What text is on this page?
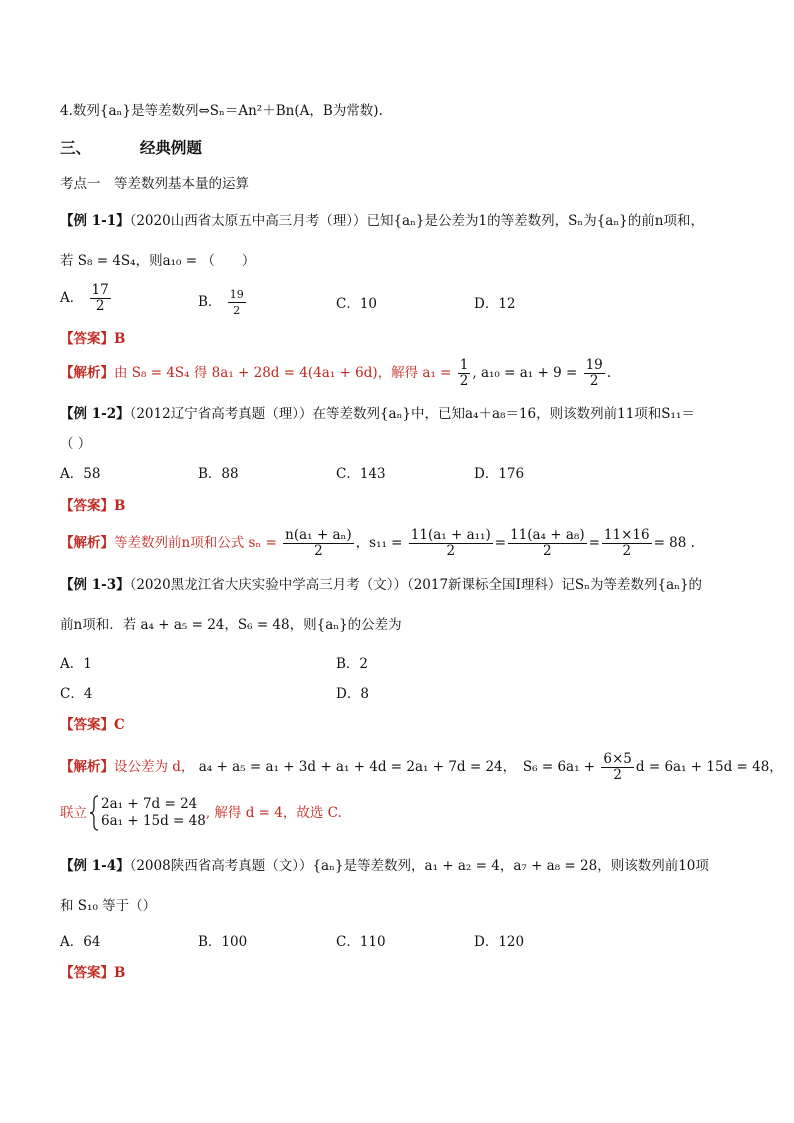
4.数列{aₙ}是等差数列⇔Sₙ＝An²＋Bn(A，B为常数).
三、	经典例题
考点一　等差数列基本量的运算
【例 1-1】（2020山西省太原五中高三月考（理））已知{aₙ}是公差为1的等差数列，Sₙ为{aₙ}的前n项和，
若 S₈ = 4S₄，则a₁₀ = （　　）
A． $\frac{17}{2}$	B． $\frac{19}{2}$	C．10	D．12
【答案】B
【解析】由 S₈ = 4S₄ 得 8a₁ + 28d = 4(4a₁ + 6d)，解得 $a_1 = \frac{1}{2}$ , $a_{10} = a_1 + 9 = \frac{19}{2}$ .
【例 1-2】（2012辽宁省高考真题（理））在等差数列{aₙ}中，已知a₄＋a₈＝16，则该数列前11项和S₁₁＝
（ ）
A．58	B．88	C．143	D．176
【答案】B
【解析】等差数列前n项和公式 $s_n = \frac{\text{n(a₁ + aₙ)}}{2}$ ，$s_{11} = \frac{\text{11(a₁ + a₁₁)}}{2} = \frac{\text{11(a₄ + a₈)}}{2} = \frac{11\times 16}{2} = 88$ .
【例 1-3】（2020黑龙江省大庆实验中学高三月考（文））（2017新课标全国I理科）记Sₙ为等差数列{aₙ}的
前n项和．若 a₄ + a₅ = 24，S₆ = 48，则{aₙ}的公差为
A．1	B．2
C．4	D．8
【答案】C
【解析】设公差为 d， a₄ + a₅ = a₁ + 3d + a₁ + 4d = 2a₁ + 7d = 24，　$S_6 = 6a_1 + \frac{6\times 5}{2}$ d = 6a₁ + 15d = 48，
联立
2a₁ + 7d = 24
6a₁ + 15d = 48 , 解得 d = 4，故选 C.
【例 1-4】（2008陕西省高考真题（文））{aₙ}是等差数列，a₁ + a₂ = 4，a₇ + a₈ = 28，则该数列前10项
和 S₁₀ 等于（）
A．64	B．100	C．110	D．120
【答案】B
